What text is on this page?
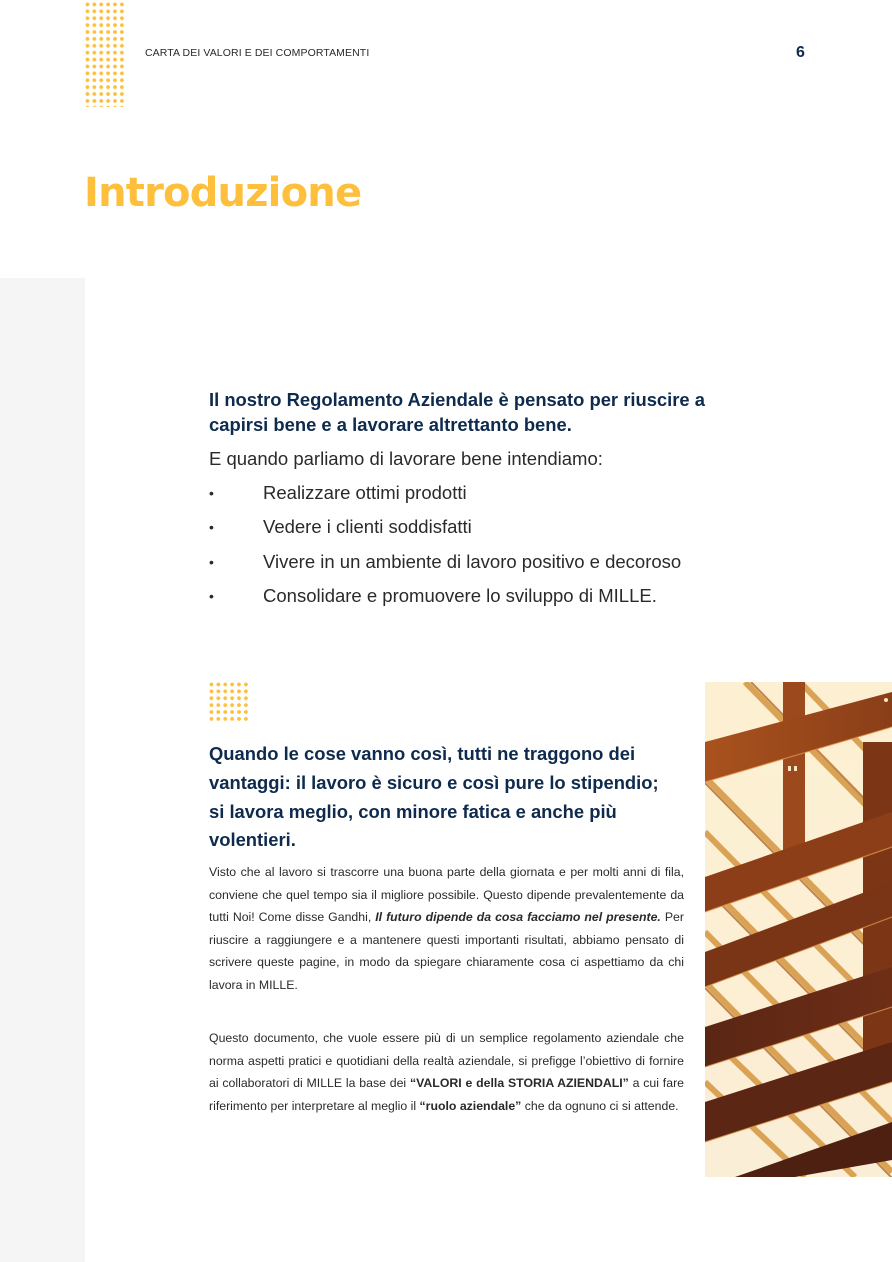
CARTA DEI VALORI E DEI COMPORTAMENTI	6
Introduzione

Il nostro Regolamento Aziendale è pensato per riuscire a capirsi bene e a lavorare altrettanto bene.

E quando parliamo di lavorare bene intendiamo:

•	Realizzare ottimi prodotti
•	Vedere i clienti soddisfatti
•	Vivere in un ambiente di lavoro positivo e decoroso
•	Consolidare e promuovere lo sviluppo di MILLE.

Quando le cose vanno così, tutti ne traggono dei vantaggi: il lavoro è sicuro e così pure lo stipendio; si lavora meglio, con minore fatica e anche più volentieri.

Visto che al lavoro si trascorre una buona parte della giornata e per molti anni di fila, conviene che quel tempo sia il migliore possibile. Questo dipende prevalentemente da tutti Noi! Come disse Gandhi, Il futuro dipende da cosa facciamo nel presente. Per riuscire a raggiungere e a mantenere questi importanti risultati, abbiamo pensato di scrivere queste pagine, in modo da spiegare chiaramente cosa ci aspettiamo da chi lavora in MILLE.

Questo documento, che vuole essere più di un semplice regolamento aziendale che norma aspetti pratici e quotidiani della realtà aziendale, si prefigge l’obiettivo di fornire ai collaboratori di MILLE la base dei “VALORI e della STORIA AZIENDALI” a cui fare riferimento per interpretare al meglio il “ruolo aziendale” che da ognuno ci si attende.
